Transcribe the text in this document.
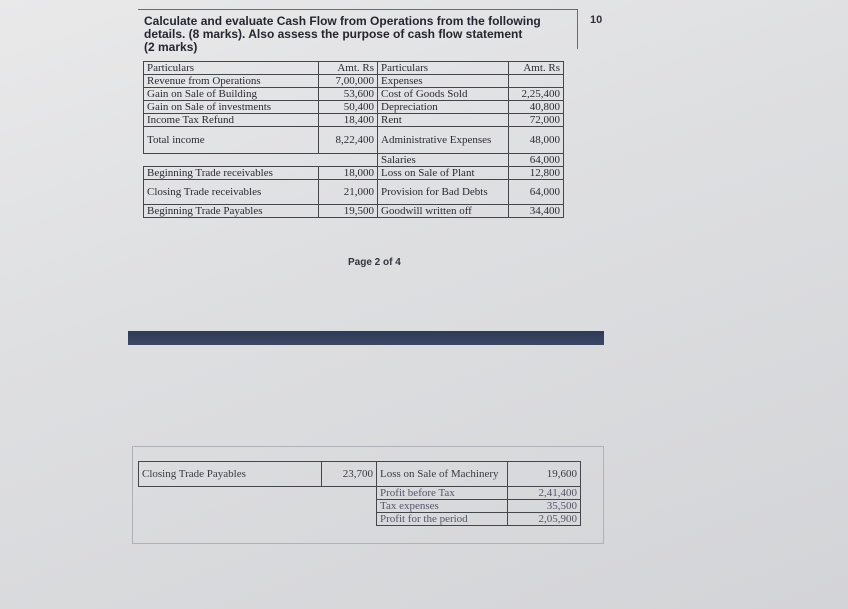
Calculate and evaluate Cash Flow from Operations from the following
details. (8 marks). Also assess the purpose of cash flow statement
(2 marks)
10
Particulars	Amt. Rs	Particulars	Amt. Rs
Revenue from Operations	7,00,000	Expenses	
Gain on Sale of Building	53,600	Cost of Goods Sold	2,25,400
Gain on Sale of investments	50,400	Depreciation	40,800
Income Tax Refund	18,400	Rent	72,000
Total income	8,22,400	Administrative Expenses	48,000
		Salaries	64,000
Beginning Trade receivables	18,000	Loss on Sale of Plant	12,800
Closing Trade receivables	21,000	Provision for Bad Debts	64,000
Beginning Trade Payables	19,500	Goodwill written off	34,400
Page 2 of 4
Closing Trade Payables	23,700	Loss on Sale of Machinery	19,600
		Profit before Tax	2,41,400
		Tax expenses	35,500
		Profit for the period	2,05,900
